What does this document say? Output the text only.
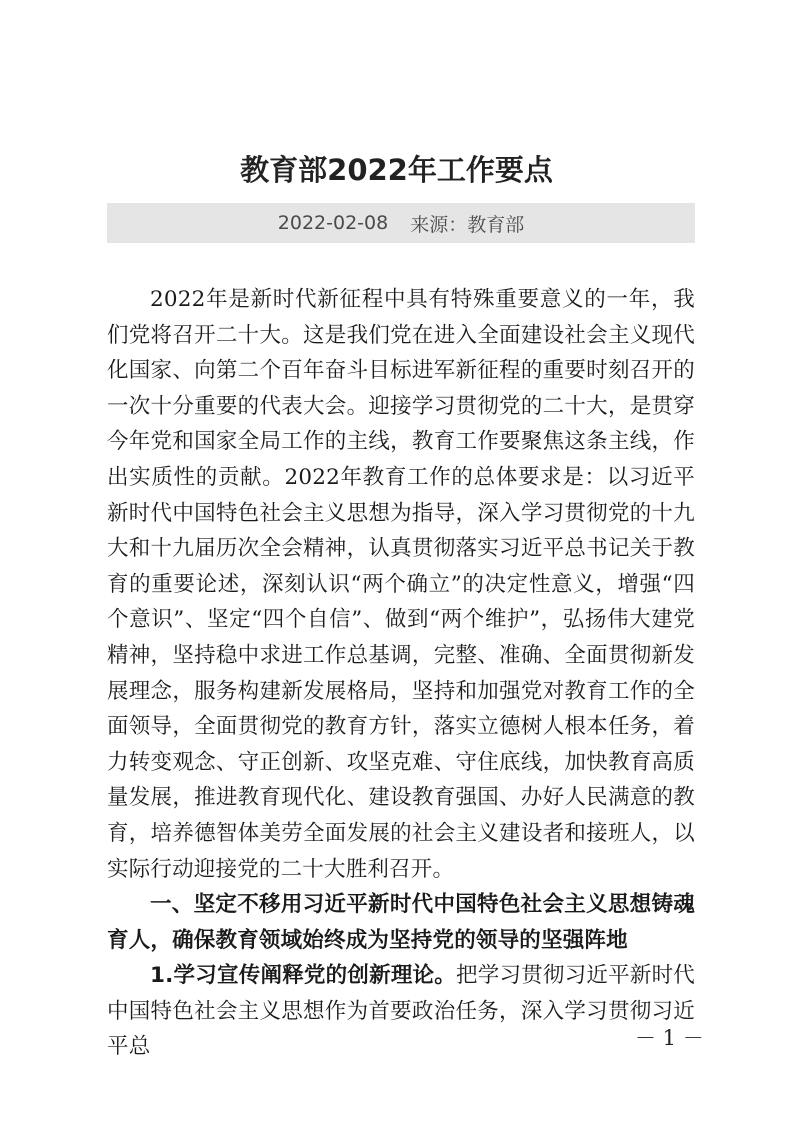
教育部2022年工作要点
2022-02-08 来源：教育部

2022年是新时代新征程中具有特殊重要意义的一年，我们党将召开二十大。这是我们党在进入全面建设社会主义现代化国家、向第二个百年奋斗目标进军新征程的重要时刻召开的一次十分重要的代表大会。迎接学习贯彻党的二十大，是贯穿今年党和国家全局工作的主线，教育工作要聚焦这条主线，作出实质性的贡献。2022年教育工作的总体要求是：以习近平新时代中国特色社会主义思想为指导，深入学习贯彻党的十九大和十九届历次全会精神，认真贯彻落实习近平总书记关于教育的重要论述，深刻认识“两个确立”的决定性意义，增强“四个意识”、坚定“四个自信”、做到“两个维护”，弘扬伟大建党精神，坚持稳中求进工作总基调，完整、准确、全面贯彻新发展理念，服务构建新发展格局，坚持和加强党对教育工作的全面领导，全面贯彻党的教育方针，落实立德树人根本任务，着力转变观念、守正创新、攻坚克难、守住底线，加快教育高质量发展，推进教育现代化、建设教育强国、办好人民满意的教育，培养德智体美劳全面发展的社会主义建设者和接班人，以实际行动迎接党的二十大胜利召开。

一、坚定不移用习近平新时代中国特色社会主义思想铸魂育人，确保教育领域始终成为坚持党的领导的坚强阵地

1.学习宣传阐释党的创新理论。把学习贯彻习近平新时代中国特色社会主义思想作为首要政治任务，深入学习贯彻习近平总	－ 1 －
